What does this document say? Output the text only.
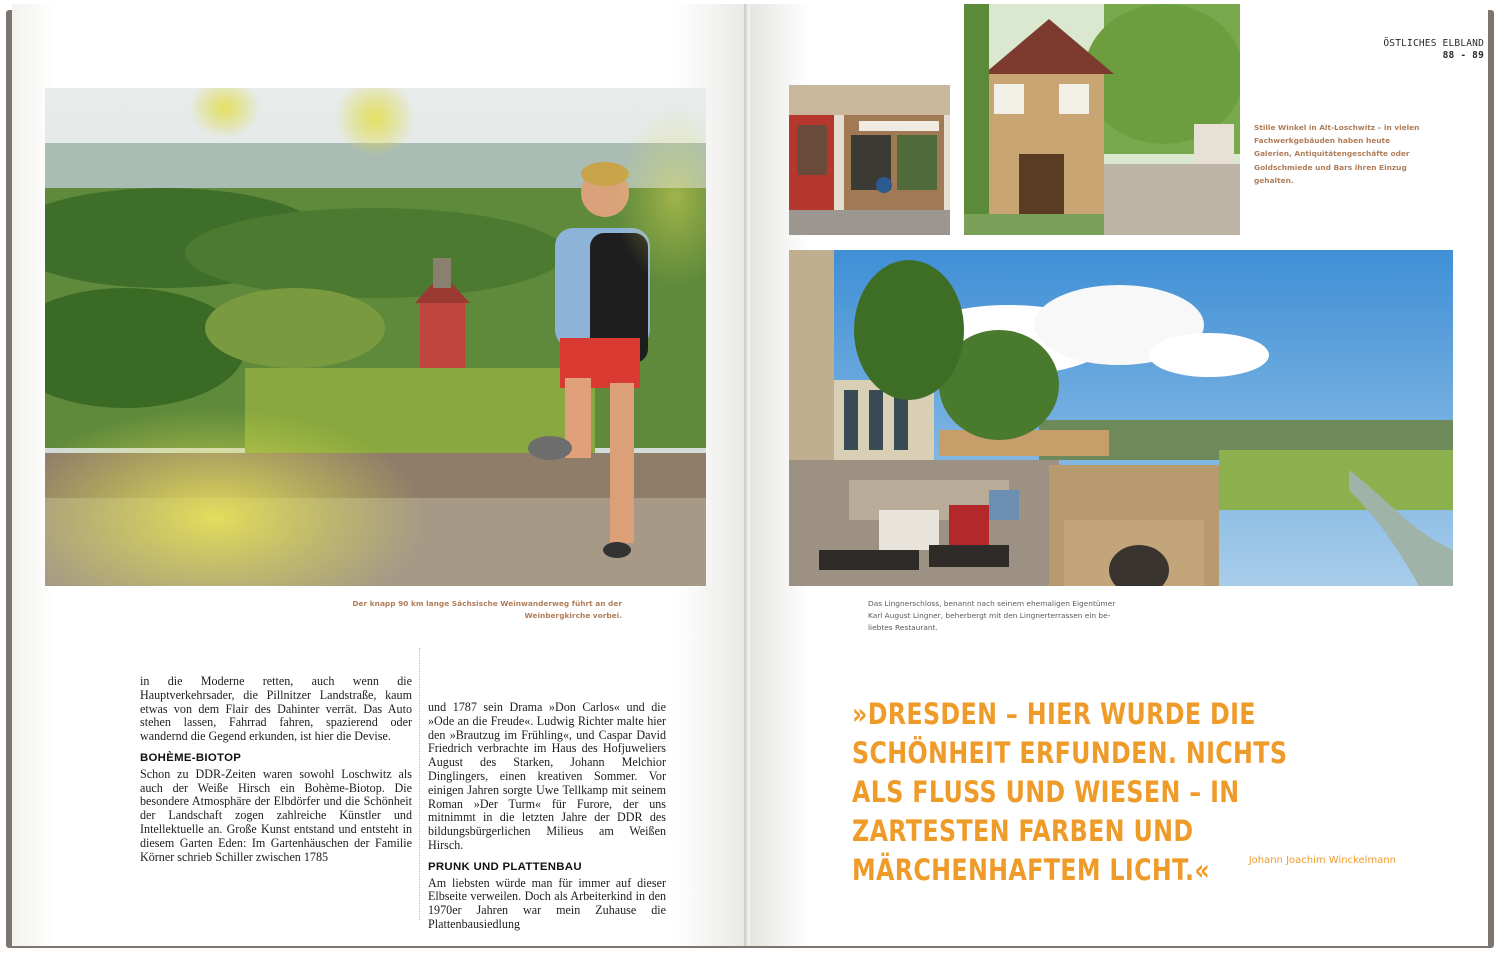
Der knapp 90 km lange Sächsische Weinwanderweg führt an der
Weinbergkirche vorbei.

in die Moderne retten, auch wenn die Hauptverkehrsader, die Pillnitzer Landstraße, kaum etwas von dem Flair des Dahinter verrät. Das Auto stehen lassen, Fahrrad fahren, spazierend oder wandernd die Gegend erkunden, ist hier die Devise.

BOHÈME-BIOTOP

Schon zu DDR-Zeiten waren sowohl Loschwitz als auch der Weiße Hirsch ein Bohème-Biotop. Die besondere Atmosphäre der Elbdörfer und die Schönheit der Landschaft zogen zahlreiche Künstler und Intellektuelle an. Große Kunst entstand und entsteht in diesem Garten Eden: Im Gartenhäuschen der Familie Körner schrieb Schiller zwischen 1785

und 1787 sein Drama »Don Carlos« und die »Ode an die Freude«. Ludwig Richter malte hier den »Brautzug im Frühling«, und Caspar David Friedrich verbrachte im Haus des Hofjuweliers August des Starken, Johann Melchior Dinglingers, einen kreativen Sommer. Vor einigen Jahren sorgte Uwe Tellkamp mit seinem Roman »Der Turm« für Furore, der uns mitnimmt in die letzten Jahre der DDR des bildungsbürgerlichen Milieus am Weißen Hirsch.

PRUNK UND PLATTENBAU

Am liebsten würde man für immer auf dieser Elbseite verweilen. Doch als Arbeiterkind in den 1970er Jahren war mein Zuhause die Plattenbausiedlung

ÖSTLICHES ELBLAND
88 - 89
Stille Winkel in Alt-Loschwitz – in vielen Fachwerkgebäuden haben heute Galerien, Antiquitätengeschäfte oder Goldschmiede und Bars ihren Einzug gehalten.
Das Lingnerschloss, benannt nach seinem ehemaligen Eigentümer
Karl August Lingner, beherbergt mit den Lingnerterrassen ein be-
liebtes Restaurant.
»DRESDEN – HIER WURDE DIE SCHÖNHEIT ERFUNDEN. NICHTS ALS FLUSS UND WIESEN – IN ZARTESTEN FARBEN UND MÄRCHENHAFTEM LICHT.«	Johann Joachim Winckelmann
